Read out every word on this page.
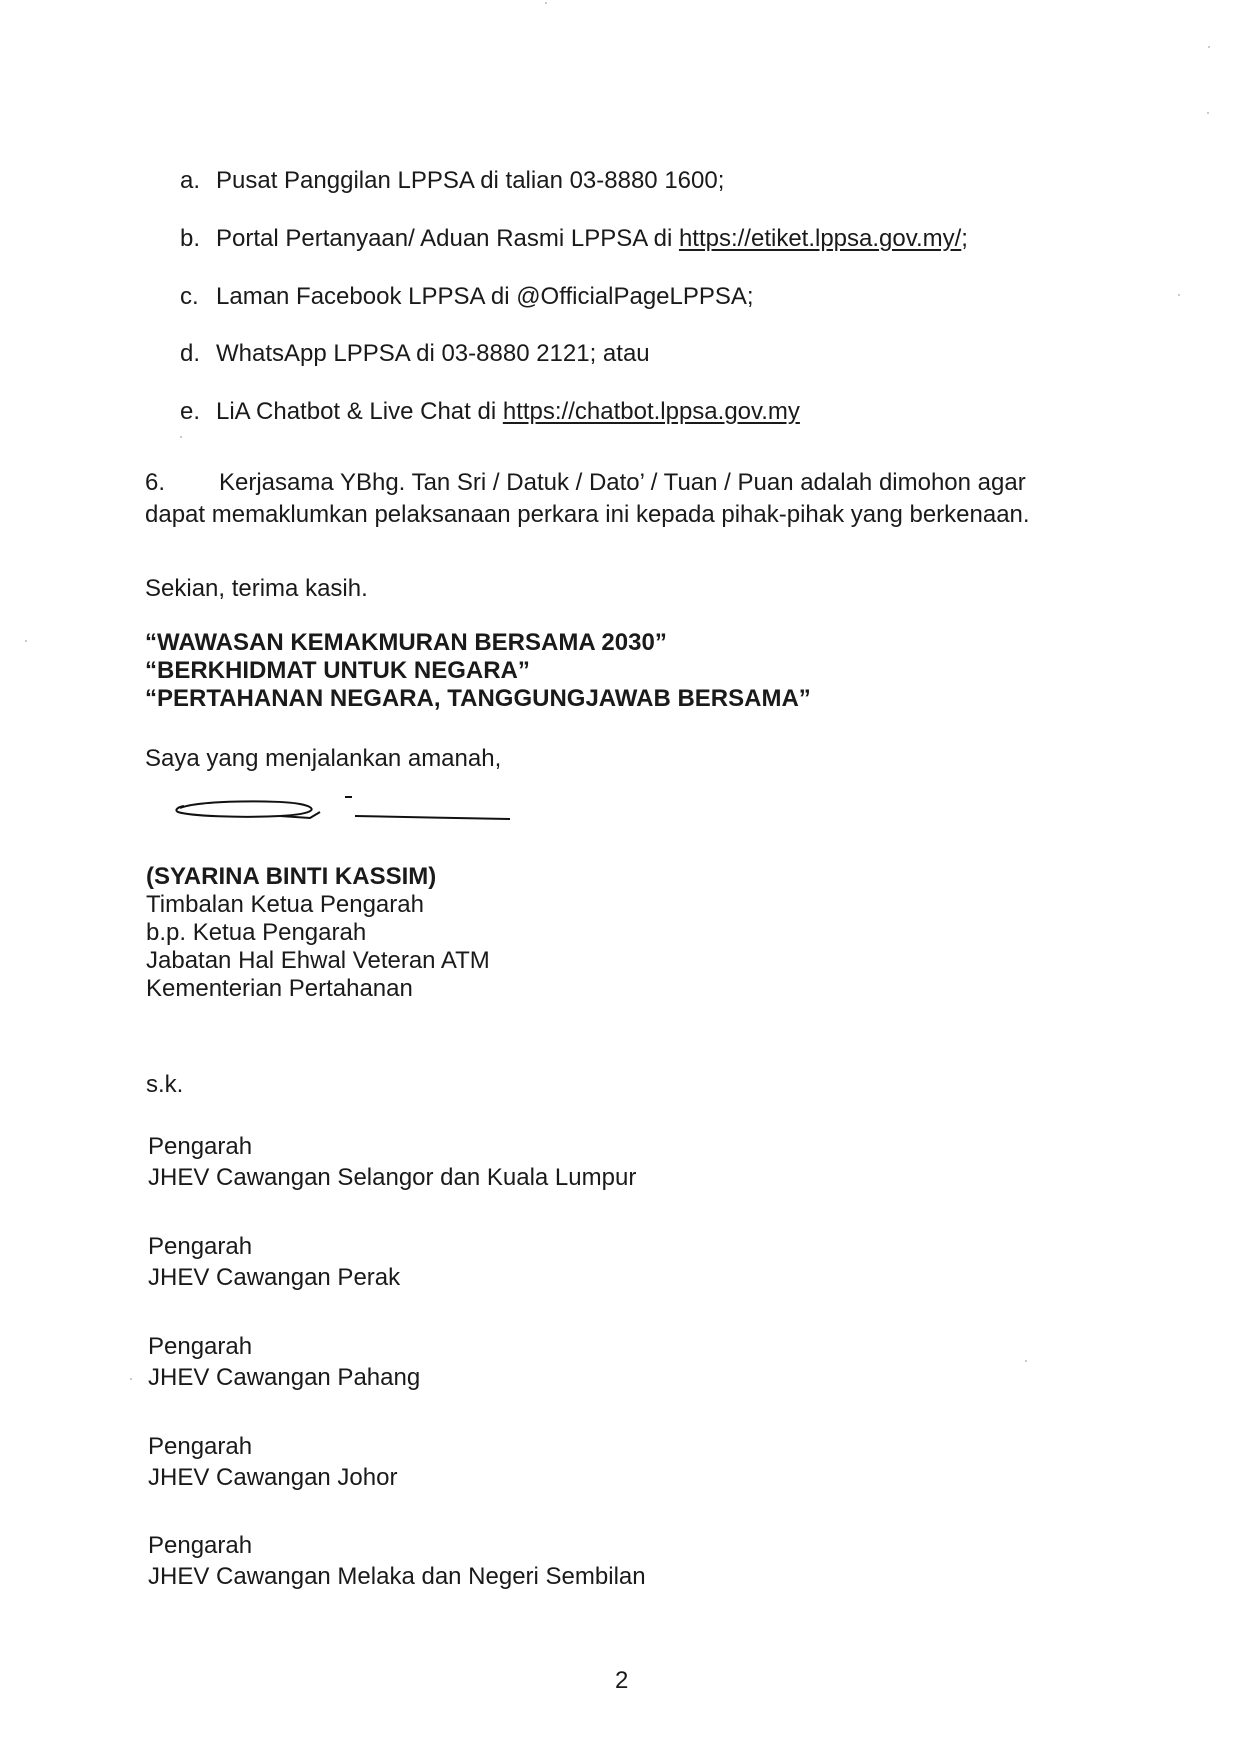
a. Pusat Panggilan LPPSA di talian 03-8880 1600;
b. Portal Pertanyaan/ Aduan Rasmi LPPSA di https://etiket.lppsa.gov.my/;
c. Laman Facebook LPPSA di @OfficialPageLPPSA;
d. WhatsApp LPPSA di 03-8880 2121; atau
e. LiA Chatbot & Live Chat di https://chatbot.lppsa.gov.my
6. Kerjasama YBhg. Tan Sri / Datuk / Dato’ / Tuan / Puan adalah dimohon agar
dapat memaklumkan pelaksanaan perkara ini kepada pihak-pihak yang berkenaan.
Sekian, terima kasih.
“WAWASAN KEMAKMURAN BERSAMA 2030”
“BERKHIDMAT UNTUK NEGARA”
“PERTAHANAN NEGARA, TANGGUNGJAWAB BERSAMA”
Saya yang menjalankan amanah,
(SYARINA BINTI KASSIM)
Timbalan Ketua Pengarah
b.p. Ketua Pengarah
Jabatan Hal Ehwal Veteran ATM
Kementerian Pertahanan
s.k.
Pengarah
JHEV Cawangan Selangor dan Kuala Lumpur
Pengarah
JHEV Cawangan Perak
Pengarah
JHEV Cawangan Pahang
Pengarah
JHEV Cawangan Johor
Pengarah
JHEV Cawangan Melaka dan Negeri Sembilan
2
